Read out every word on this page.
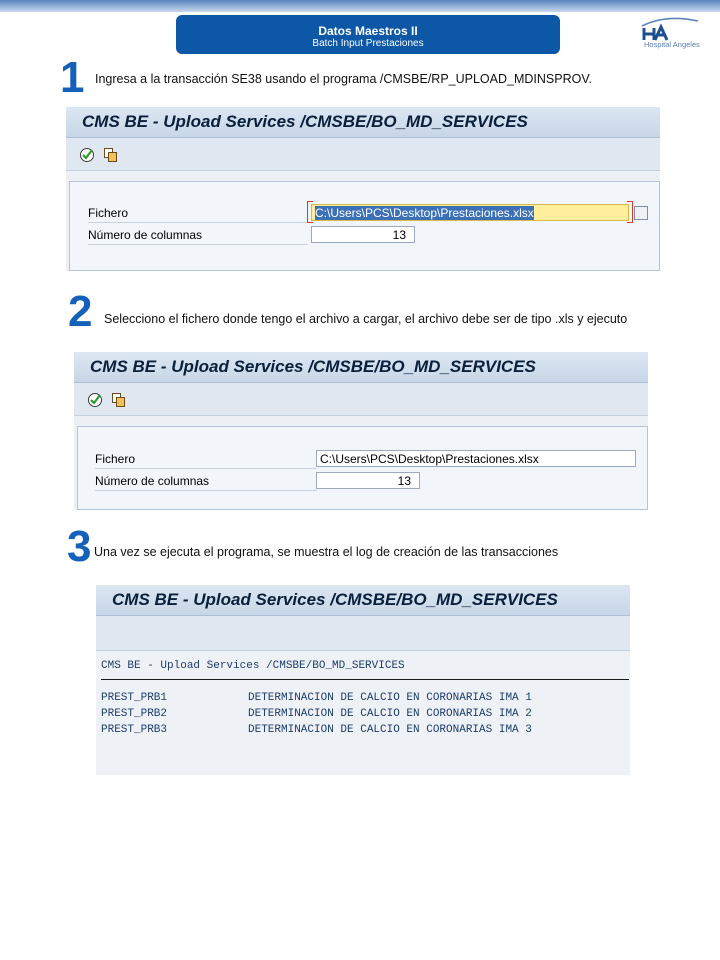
Datos Maestros II
Batch Input Prestaciones	Hospital Angeles
1 Ingresa a la transacción SE38 usando el programa /CMSBE/RP_UPLOAD_MDINSPROV.
CMS BE - Upload Services /CMSBE/BO_MD_SERVICES
Fichero	C:\Users\PCS\Desktop\Prestaciones.xlsx
Número de columnas	13
2 Selecciono el fichero donde tengo el archivo a cargar, el archivo debe ser de tipo .xls y ejecuto
CMS BE - Upload Services /CMSBE/BO_MD_SERVICES
Fichero	C:\Users\PCS\Desktop\Prestaciones.xlsx
Número de columnas	13
3 Una vez se ejecuta el programa, se muestra el log de creación de las transacciones
CMS BE - Upload Services /CMSBE/BO_MD_SERVICES
CMS BE - Upload Services /CMSBE/BO_MD_SERVICES
PREST_PRB1	DETERMINACION DE CALCIO EN CORONARIAS IMA 1
PREST_PRB2	DETERMINACION DE CALCIO EN CORONARIAS IMA 2
PREST_PRB3	DETERMINACION DE CALCIO EN CORONARIAS IMA 3
